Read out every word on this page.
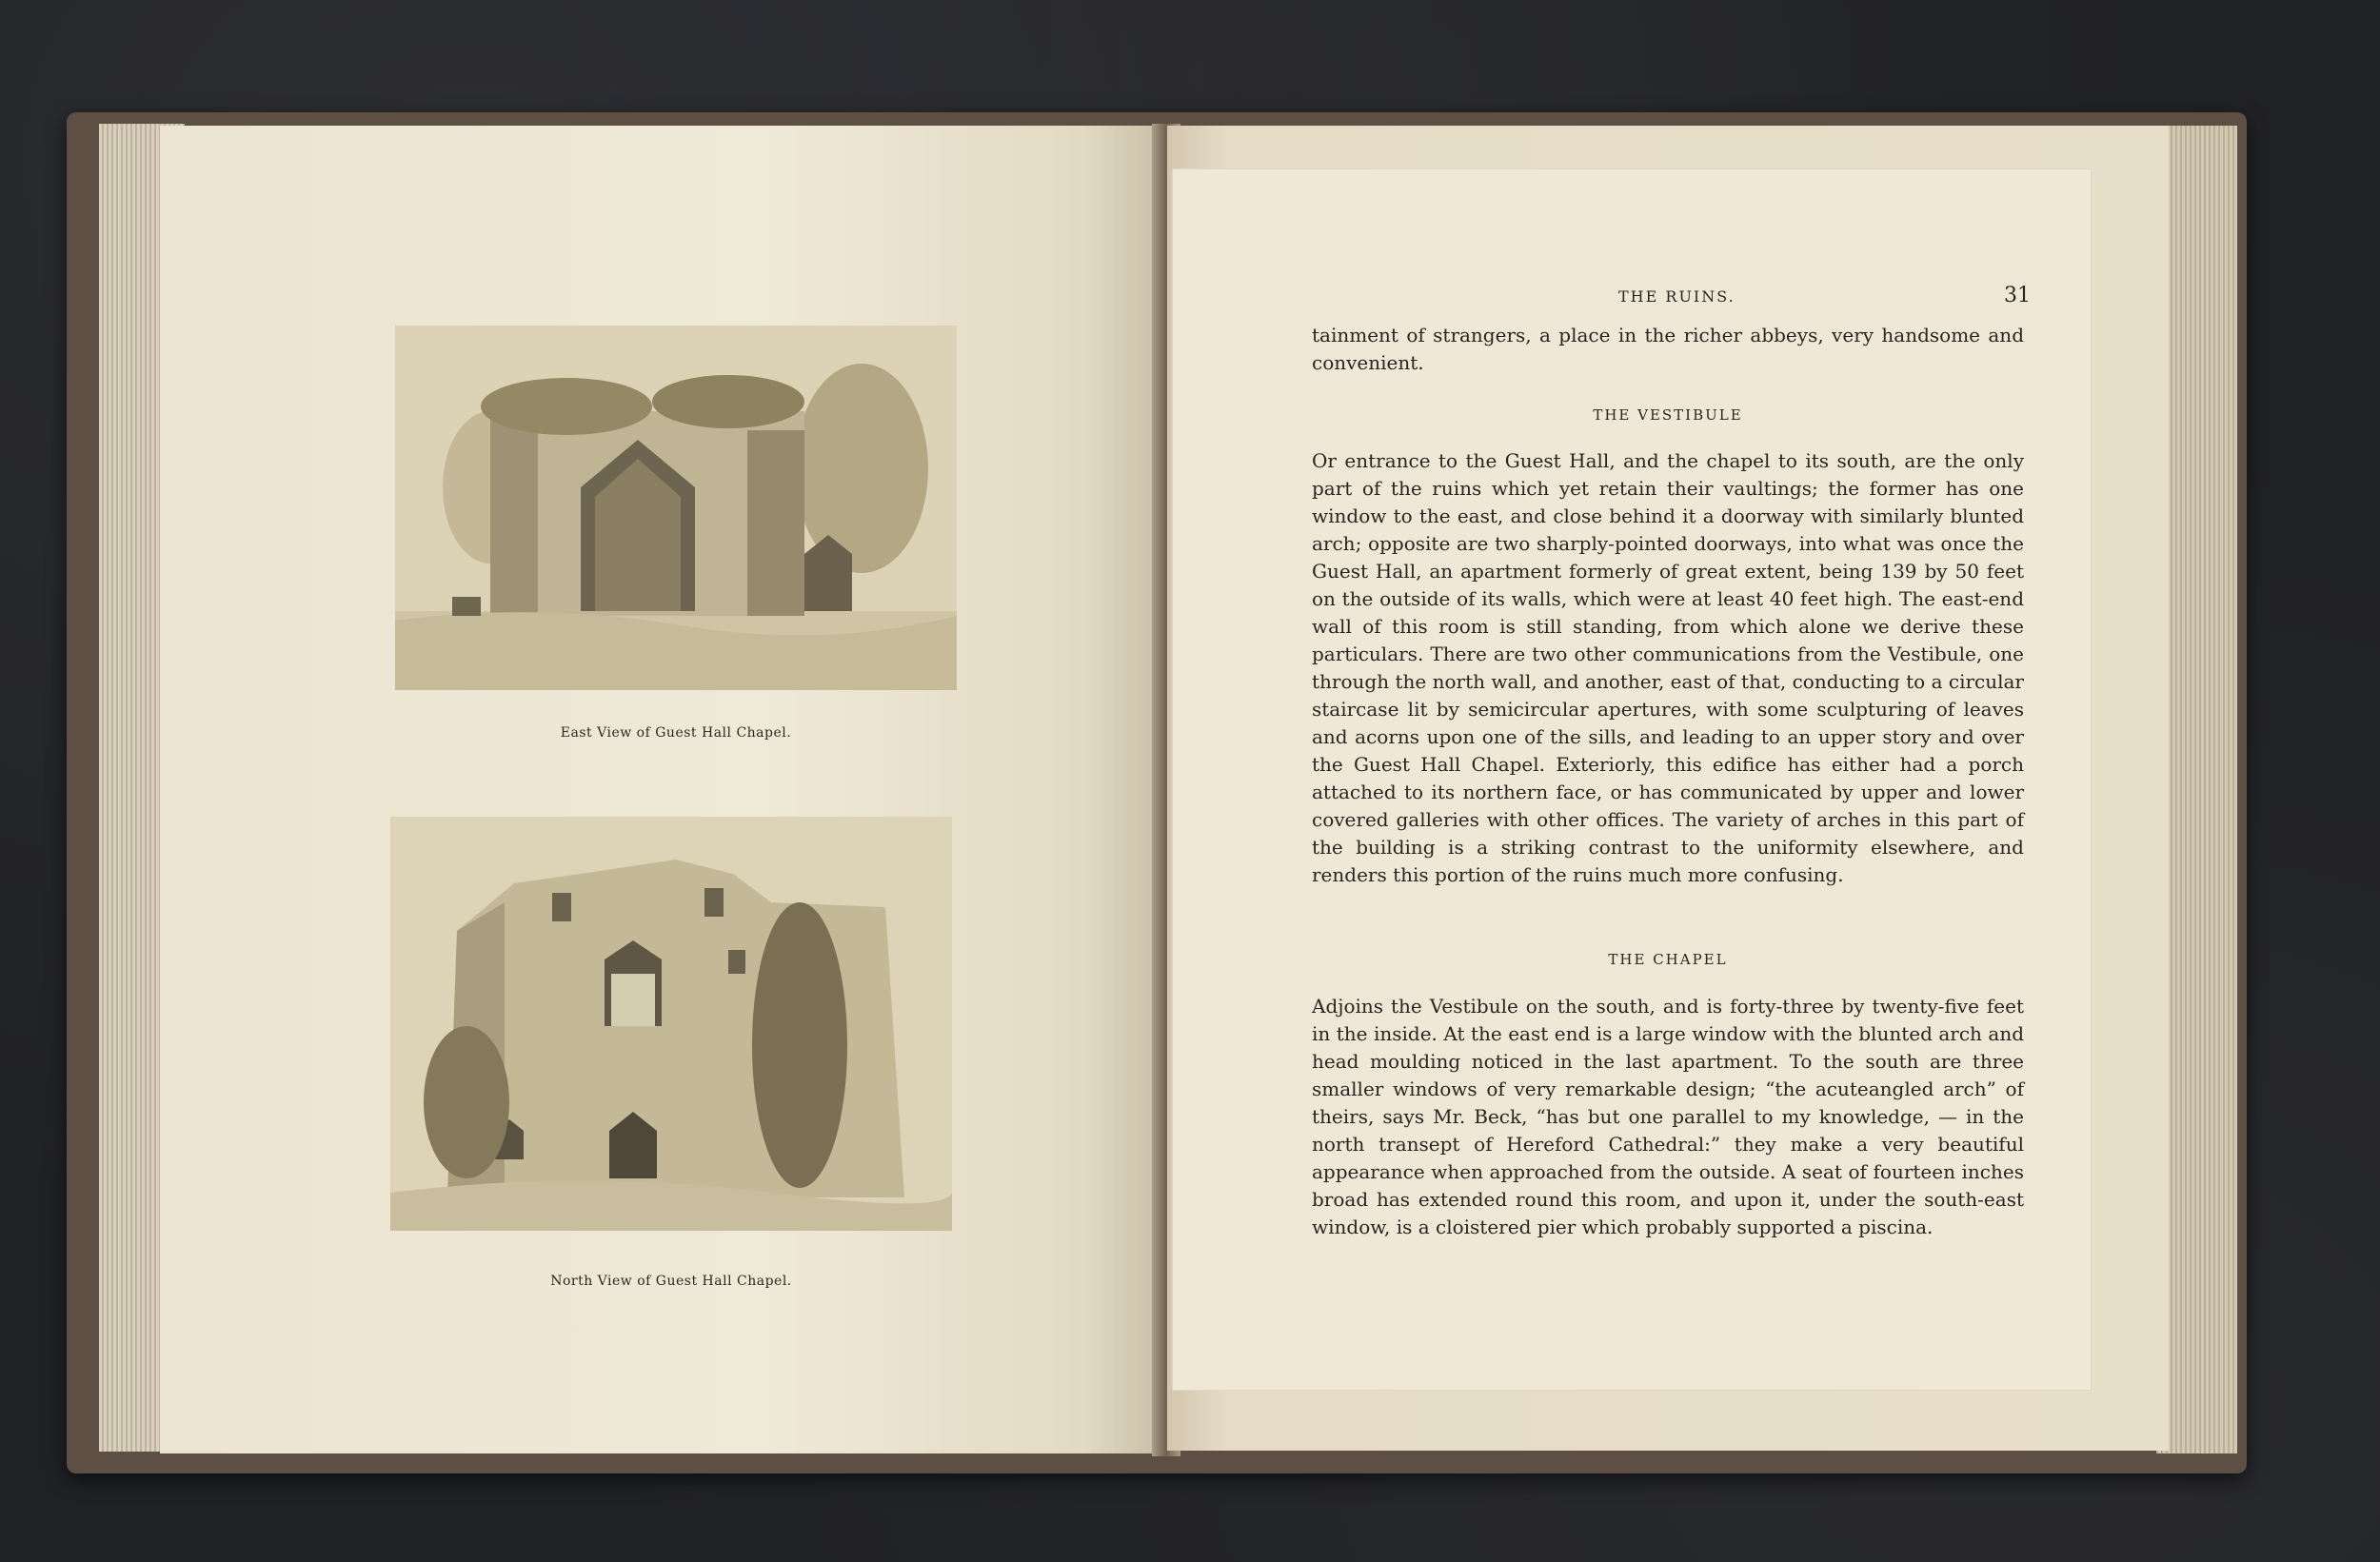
East View of Guest Hall Chapel.
North View of Guest Hall Chapel.
THE RUINS.	31

tainment of strangers, a place in the richer abbeys, very handsome and convenient.

THE VESTIBULE

Or entrance to the Guest Hall, and the chapel to its south, are the only part of the ruins which yet retain their vaultings; the former has one window to the east, and close behind it a doorway with similarly blunted arch; opposite are two sharply-pointed doorways, into what was once the Guest Hall, an apartment formerly of great extent, being 139 by 50 feet on the outside of its walls, which were at least 40 feet high. The east-end wall of this room is still standing, from which alone we derive these particulars. There are two other communications from the Vestibule, one through the north wall, and another, east of that, conducting to a circular staircase lit by semicircular apertures, with some sculpturing of leaves and acorns upon one of the sills, and leading to an upper story and over the Guest Hall Chapel. Exteriorly, this edifice has either had a porch attached to its northern face, or has communicated by upper and lower covered galleries with other offices. The variety of arches in this part of the building is a striking contrast to the uniformity elsewhere, and renders this portion of the ruins much more confusing.

THE CHAPEL

Adjoins the Vestibule on the south, and is forty-three by twenty-five feet in the inside. At the east end is a large window with the blunted arch and head moulding noticed in the last apartment. To the south are three smaller windows of very remarkable design; “the acuteangled arch” of theirs, says Mr. Beck, “has but one parallel to my knowledge, — in the north transept of Hereford Cathedral:” they make a very beautiful appearance when approached from the outside. A seat of fourteen inches broad has extended round this room, and upon it, under the south-east window, is a cloistered pier which probably supported a piscina.
